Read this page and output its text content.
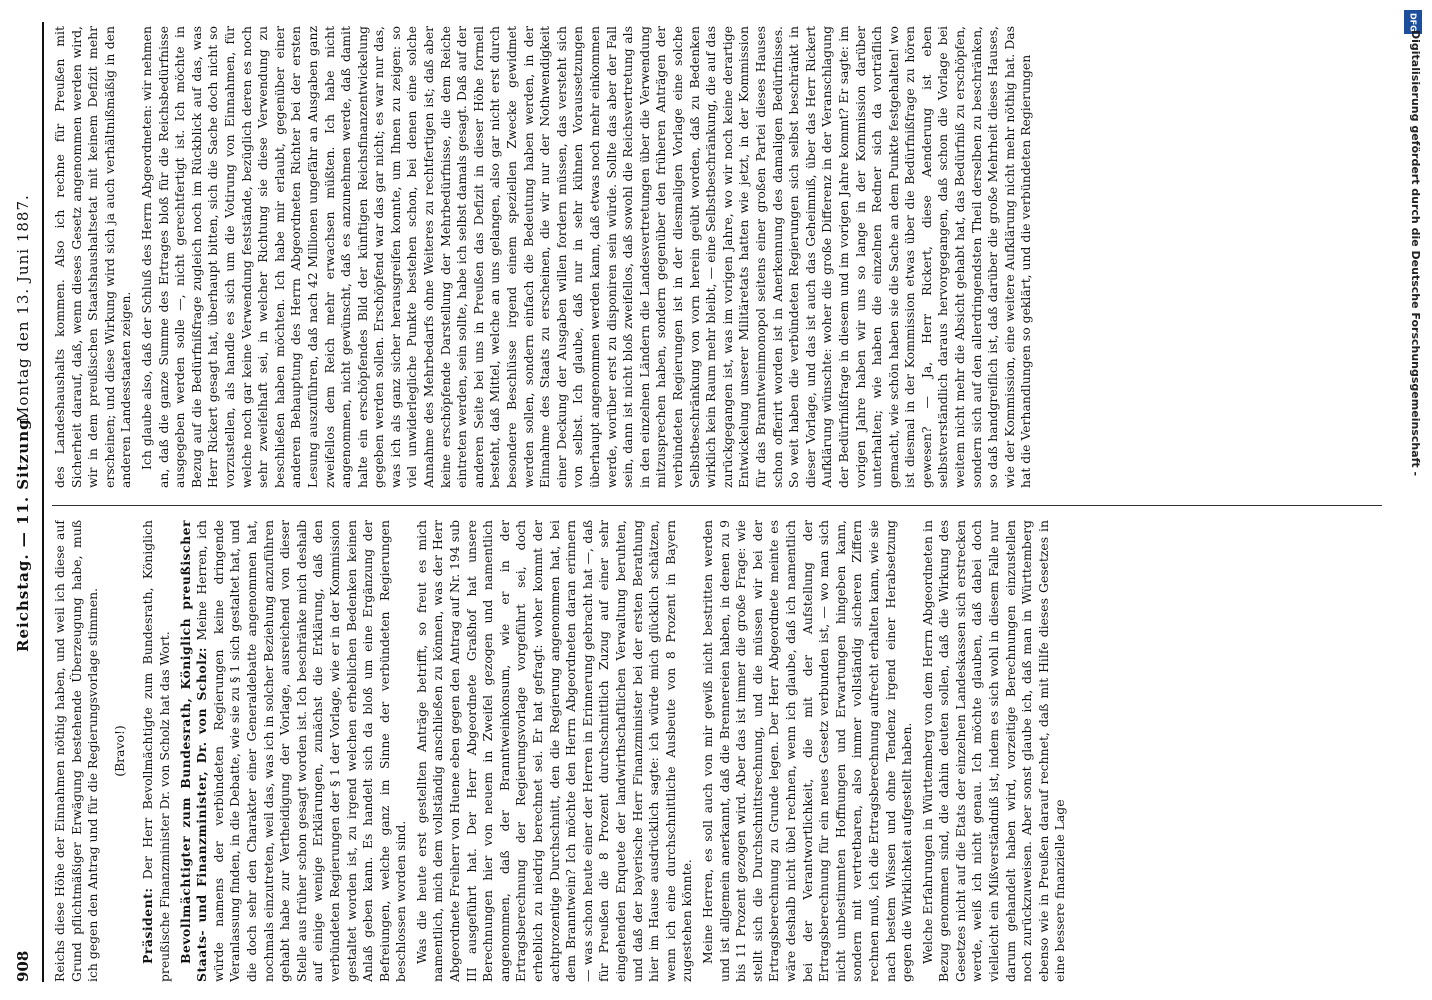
908
Reichstag. — 11. Sitzung.
Montag den 13. Juni 1887.

Reichs diese Höhe der Einnahmen nöthig haben, und weil ich diese auf Grund pflichtmäßiger Erwägung bestehende Überzeugung habe, muß ich gegen den Antrag und für die Regierungsvorlage stimmen. (Bravo!)

Präsident: Der Herr Bevollmächtigte zum Bundesrath, Königlich preußische Finanzminister Dr. von Scholz hat das Wort. Bevollmächtigter zum Bundesrath, Königlich preußischer Staats- und Finanzminister, Dr. von Scholz: Meine Herren, ich würde namens der verbündeten Regierungen keine dringende Veranlassung finden, in die Debatte, wie sie zu § 1 sich gestaltet hat, und die doch sehr den Charakter einer Generaldebatte angenommen hat, nochmals einzutreten, weil das, was ich in solcher Beziehung anzuführen gehabt habe zur Vertheidigung der Vorlage, ausreichend von dieser Stelle aus früher schon gesagt worden ist. Ich beschränke mich deshalb auf einige wenige Erklärungen, zunächst die Erklärung, daß den verbündeten Regierungen der § 1 der Vorlage, wie er in der Kommission gestaltet worden ist, zu irgend welchen erheblichen Bedenken keinen Anlaß geben kann. Es handelt sich da bloß um eine Ergänzung der Befreiungen, welche ganz im Sinne der verbündeten Regierungen beschlossen worden sind. Was die heute erst gestellten Anträge betrifft, so freut es mich namentlich, mich dem vollständig anschließen zu können, was der Herr Abgeordnete Freiherr von Huene eben gegen den Antrag auf Nr. 194 sub III ausgeführt hat. Der Herr Abgeordnete Graßhof hat unsere Berechnungen hier von neuem in Zweifel gezogen und namentlich angenommen, daß der Branntweinkonsum, wie er in der Ertragsberechnung der Regierungsvorlage vorgeführt sei, doch erheblich zu niedrig berechnet sei. Er hat gefragt: woher kommt der achtprozentige Durchschnitt, den die Regierung angenommen hat, bei dem Branntwein? Ich möchte den Herrn Abgeordneten daran erinnern — was schon heute einer der Herren in Erinnerung gebracht hat —, daß für Preußen die 8 Prozent durchschnittlich Zuzug auf einer sehr eingehenden Enquete der landwirthschaftlichen Verwaltung beruhten, und daß der bayerische Herr Finanzminister bei der ersten Berathung hier im Hause ausdrücklich sagte: ich würde mich glücklich schätzen, wenn ich eine durchschnittliche Ausbeute von 8 Prozent in Bayern zugestehen könnte. Meine Herren, es soll auch von mir gewiß nicht bestritten werden und ist allgemein anerkannt, daß die Brennereien haben, in denen zu 9 bis 11 Prozent gezogen wird. Aber das ist immer die große Frage: wie stellt sich die Durchschnittsrechnung, und die müssen wir bei der Ertragsberechnung zu Grunde legen. Der Herr Abgeordnete meinte es wäre deshalb nicht übel rechnen, wenn ich glaube, daß ich namentlich bei der Verantwortlichkeit, die mit der Aufstellung der Ertragsberechnung für ein neues Gesetz verbunden ist, — wo man sich nicht unbestimmten Hoffnungen und Erwartungen hingeben kann, sondern mit vertretbaren, also immer vollständig sicheren Ziffern rechnen muß, ich die Ertragsberechnung aufrecht erhalten kann, wie sie nach bestem Wissen und ohne Tendenz irgend einer Herabsetzung gegen die Wirklichkeit aufgestellt haben. Welche Erfahrungen in Württemberg von dem Herrn Abgeordneten in Bezug genommen sind, die dahin deuten sollen, daß die Wirkung des Gesetzes nicht auf die Etats der einzelnen Landeskassen sich erstrecken werde, weiß ich nicht genau. Ich möchte glauben, daß dabei doch vielleicht ein Mißverständniß ist, indem es sich wohl in diesem Falle nur darum gehandelt haben wird, vorzeitige Berechnungen einzustellen noch zurückzuweisen. Aber sonst glaube ich, daß man in Württemberg ebenso wie in Preußen darauf rechnet, daß mit Hilfe dieses Gesetzes in eine bessere finanzielle Lage

des Landeshaushalts kommen. Also ich rechne für Preußen mit Sicherheit darauf, daß, wenn dieses Gesetz angenommen werden wird, wir in dem preußischen Staatshaushaltsetat mit keinem Defizit mehr erscheinen; und diese Wirkung wird sich ja auch verhältnißmäßig in den anderen Landesstaaten zeigen. Ich glaube also, daß der Schluß des Herrn Abgeordneten: wir nehmen an, daß die ganze Summe des Ertrages bloß für die Reichsbedürfnisse ausgegeben werden solle —, nicht gerechtfertigt ist. Ich möchte in Bezug auf die Bedürfnißfrage zugleich noch im Rückblick auf das, was Herr Rickert gesagt hat, überhaupt bitten, sich die Sache doch nicht so vorzustellen, als handle es sich um die Votirung von Einnahmen, für welche noch gar keine Verwendung feststände, bezüglich deren es noch sehr zweifelhaft sei, in welcher Richtung sie diese Verwendung zu beschließen haben möchten. Ich habe mir erlaubt, gegenüber einer anderen Behauptung des Herrn Abgeordneten Richter bei der ersten Lesung auszuführen, daß nach 42 Millionen ungefähr an Ausgaben ganz zweifellos dem Reich mehr erwachsen müßten. Ich habe nicht angenommen, nicht gewünscht, daß es anzunehmen werde, daß damit halte ein erschöpfendes Bild der künftigen Reichsfinanzentwickelung gegeben werden sollen. Erschöpfend war das gar nicht; es war nur das, was ich als ganz sicher herausgreifen konnte, um Ihnen zu zeigen: so viel unwiderlegliche Punkte bestehen schon, bei denen eine solche Annahme des Mehrbedarfs ohne Weiteres zu rechtfertigen ist; daß aber keine erschöpfende Darstellung der Mehrbedürfnisse, die dem Reiche eintreten werden, sein sollte, habe ich selbst damals gesagt. Daß auf der anderen Seite bei uns in Preußen das Defizit in dieser Höhe formell besteht, daß Mittel, welche an uns gelangen, also gar nicht erst durch besondere Beschlüsse irgend einem speziellen Zwecke gewidmet werden sollen, sondern einfach die Bedeutung haben werden, in der Einnahme des Staats zu erscheinen, die wir nur der Nothwendigkeit einer Deckung der Ausgaben willen fordern müssen, das versteht sich von selbst. Ich glaube, daß nur in sehr kühnen Voraussetzungen überhaupt angenommen werden kann, daß etwas noch mehr einkommen werde, worüber erst zu disponiren sein würde. Sollte das aber der Fall sein, dann ist nicht bloß zweifellos, daß sowohl die Reichsvertretung als in den einzelnen Ländern die Landesvertretungen über die Verwendung mitzusprechen haben, sondern gegenüber den früheren Anträgen der verbündeten Regierungen ist in der diesmaligen Vorlage eine solche Selbstbeschränkung von vorn herein geübt worden, daß zu Bedenken wirklich kein Raum mehr bleibt, — eine Selbstbeschränkung, die auf das zurückgegangen ist, was im vorigen Jahre, wo wir noch keine derartige Entwickelung unserer Militäretats hatten wie jetzt, in der Kommission für das Branntweinmonopol seitens einer großen Partei dieses Hauses schon offerirt worden ist in Anerkennung des damaligen Bedürfnisses. So weit haben die verbündeten Regierungen sich selbst beschränkt in dieser Vorlage, und das ist auch das Geheimniß, über das Herr Rickert Aufklärung wünschte: woher die große Differenz in der Veranschlagung der Bedürfnißfrage in diesem und im vorigen Jahre kommt? Er sagte: im vorigen Jahre haben wir uns so lange in der Kommission darüber unterhalten; wie haben die einzelnen Redner sich da vorträflich gemacht, wie schön haben sie die Sache an dem Punkte festgehalten! wo ist diesmal in der Kommission etwas über die Bedürfnißfrage zu hören gewesen? — Ja, Herr Rickert, diese Aenderung ist eben selbstverständlich daraus hervorgegangen, daß schon die Vorlage bei weitem nicht mehr die Absicht gehabt hat, das Bedürfniß zu erschöpfen, sondern sich auf den allerdringendsten Theil derselben zu beschränken, so daß handgreiflich ist, daß darüber die große Mehrheit dieses Hauses, wie der Kommission, eine weitere Aufklärung nicht mehr nöthig hat. Das hat die Verhandlungen so geklärt, und die verbündeten Regierungen

DFG
Digitalisierung gefördert durch die Deutsche Forschungsgemeinschaft -
